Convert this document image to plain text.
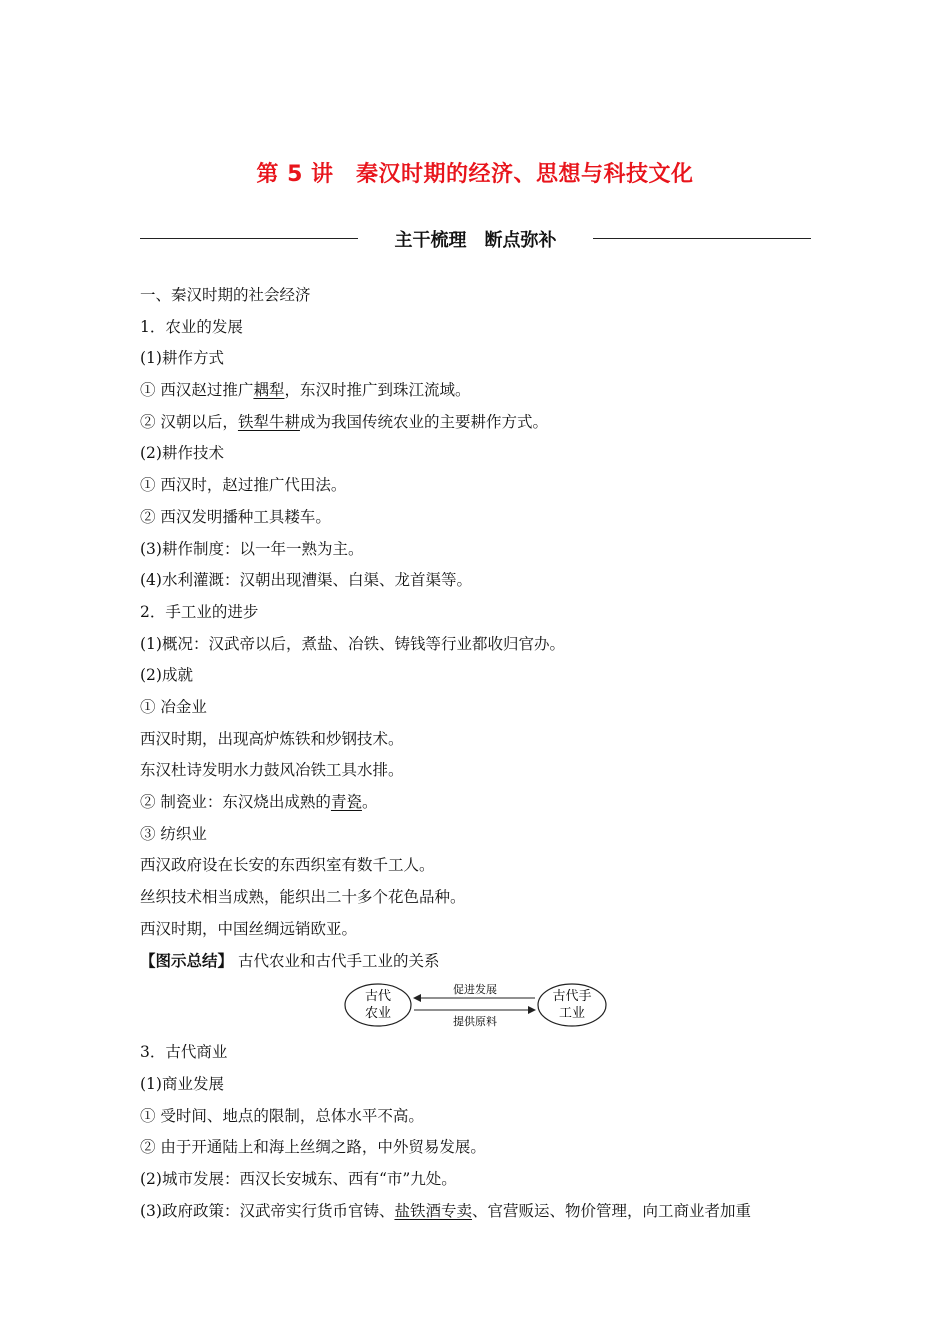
第 5 讲　秦汉时期的经济、思想与科技文化
主干梳理　断点弥补
一、秦汉时期的社会经济
1．农业的发展
(1)耕作方式
① 西汉赵过推广耦犁，东汉时推广到珠江流域。
② 汉朝以后，铁犁牛耕成为我国传统农业的主要耕作方式。
(2)耕作技术
① 西汉时，赵过推广代田法。
② 西汉发明播种工具耧车。
(3)耕作制度：以一年一熟为主。
(4)水利灌溉：汉朝出现漕渠、白渠、龙首渠等。
2．手工业的进步
(1)概况：汉武帝以后，煮盐、冶铁、铸钱等行业都收归官办。
(2)成就
① 冶金业
西汉时期，出现高炉炼铁和炒钢技术。
东汉杜诗发明水力鼓风冶铁工具水排。
② 制瓷业：东汉烧出成熟的青瓷。
③ 纺织业
西汉政府设在长安的东西织室有数千工人。
丝织技术相当成熟，能织出二十多个花色品种。
西汉时期，中国丝绸远销欧亚。
【图示总结】 古代农业和古代手工业的关系
古代
农业
古代手
工业
促进发展
提供原料
3．古代商业
(1)商业发展
① 受时间、地点的限制，总体水平不高。
② 由于开通陆上和海上丝绸之路，中外贸易发展。
(2)城市发展：西汉长安城东、西有“市”九处。
(3)政府政策：汉武帝实行货币官铸、盐铁酒专卖、官营贩运、物价管理，向工商业者加重
